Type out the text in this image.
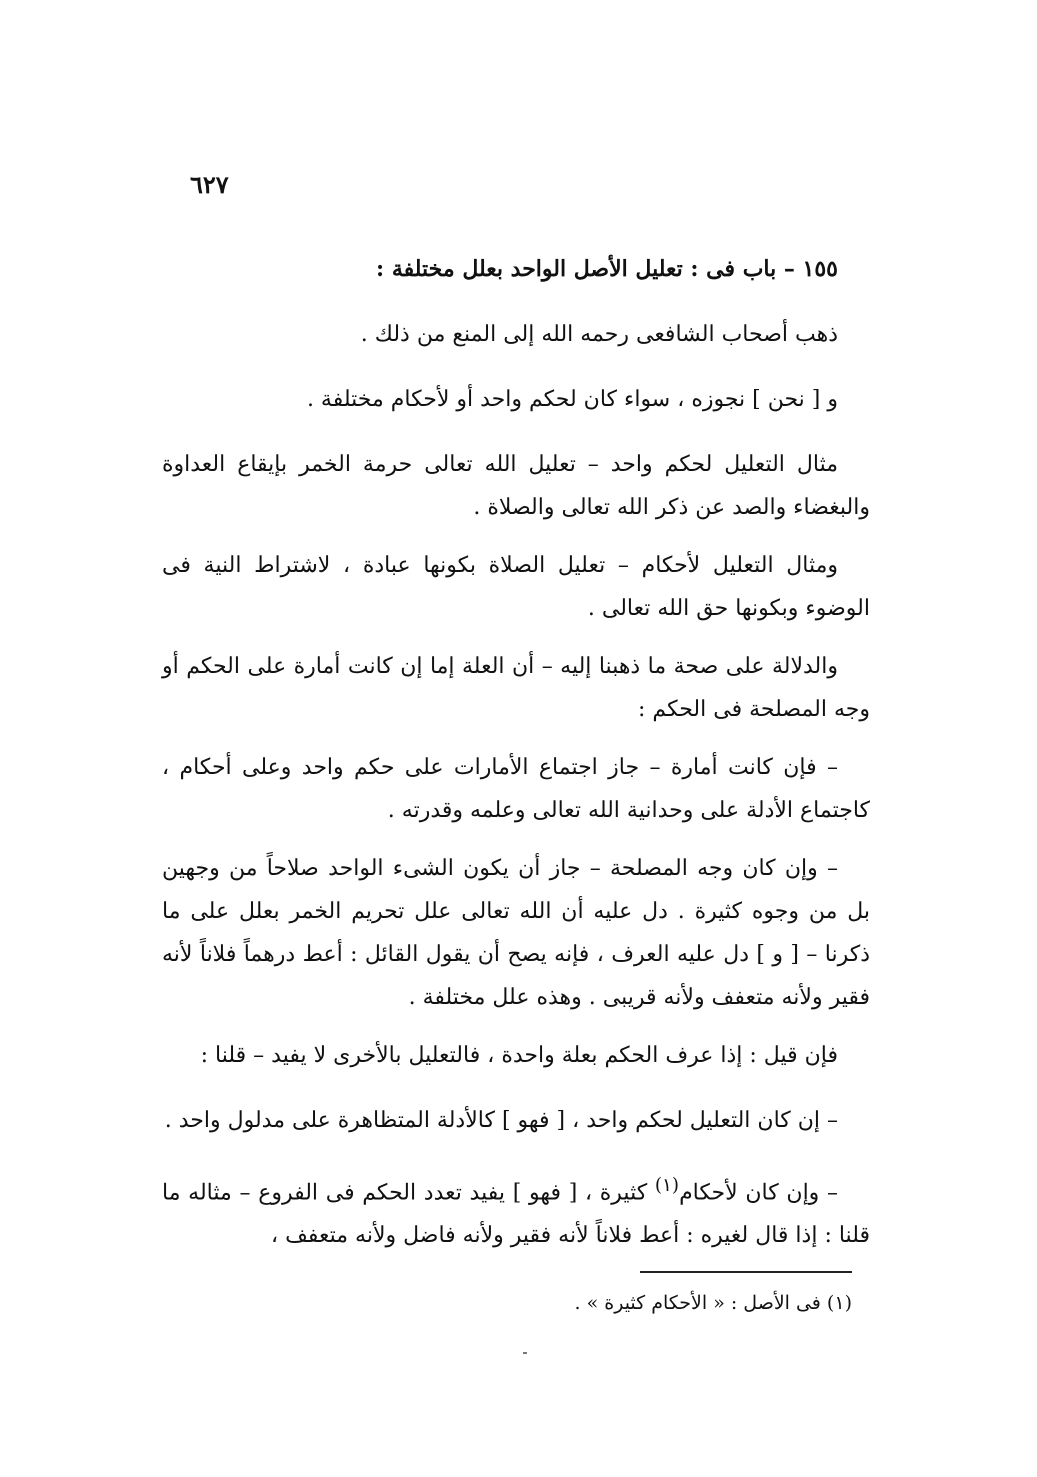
٦٢٧

١٥٥ – باب فى : تعليل الأصل الواحد بعلل مختلفة :

ذهب أصحاب الشافعى رحمه الله إلى المنع من ذلك .

و [ نحن ] نجوزه ، سواء كان لحكم واحد أو لأحكام مختلفة .

مثال التعليل لحكم واحد – تعليل الله تعالى حرمة الخمر بإيقاع العداوة والبغضاء والصد عن ذكر الله تعالى والصلاة .

ومثال التعليل لأحكام – تعليل الصلاة بكونها عبادة ، لاشتراط النية فى الوضوء وبكونها حق الله تعالى .

والدلالة على صحة ما ذهبنا إليه – أن العلة إما إن كانت أمارة على الحكم أو وجه المصلحة فى الحكم :

– فإن كانت أمارة – جاز اجتماع الأمارات على حكم واحد وعلى أحكام ، كاجتماع الأدلة على وحدانية الله تعالى وعلمه وقدرته .

– وإن كان وجه المصلحة – جاز أن يكون الشىء الواحد صلاحاً من وجهين بل من وجوه كثيرة . دل عليه أن الله تعالى علل تحريم الخمر بعلل على ما ذكرنا – [ و ] دل عليه العرف ، فإنه يصح أن يقول القائل : أعط درهماً فلاناً لأنه فقير ولأنه متعفف ولأنه قريبى . وهذه علل مختلفة .

فإن قيل : إذا عرف الحكم بعلة واحدة ، فالتعليل بالأخرى لا يفيد – قلنا :

– إن كان التعليل لحكم واحد ، [ فهو ] كالأدلة المتظاهرة على مدلول واحد .

– وإن كان لأحكام$^{(١)}$ كثيرة ، [ فهو ] يفيد تعدد الحكم فى الفروع – مثاله ما قلنا : إذا قال لغيره : أعط فلاناً لأنه فقير ولأنه فاضل ولأنه متعفف ،

(١) فى الأصل : « الأحكام كثيرة » .
